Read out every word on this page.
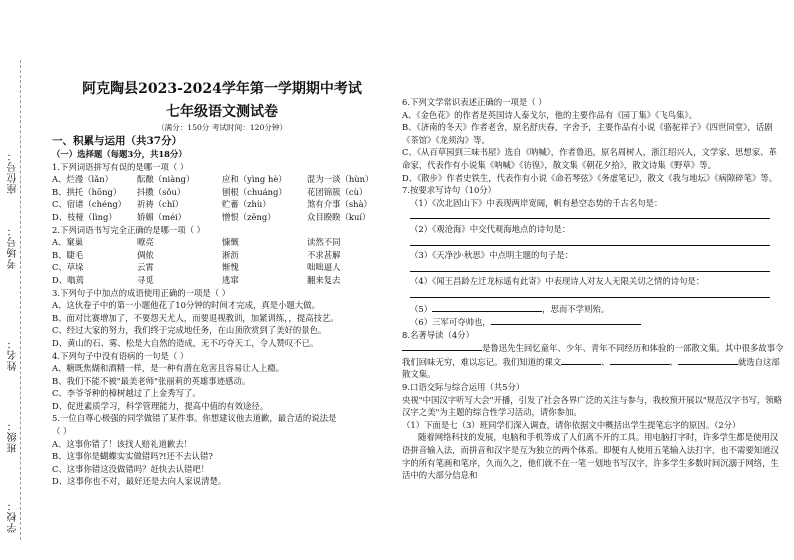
座位号：
考场号：
姓名：
班级：
学校：
阿克陶县2023-2024学年第一学期期中考试
七年级语文测试卷
（满分：150分 考试时间：120分钟）
一、积累与运用（共37分）
（一）选择题（每题3分，共18分）
1.下列词语拼写有误的是哪一项（ ）
A、烂漫（lǎn）	酝酿（niàng）	应和（yìng hè）	混为一谈（hùn）
B、拱托（hōng）	抖擞（sǒu）	刨根（chuáng）	花团锦簇（cù）
C、宿诸（chéng）	祈祷（chǐ）	贮蓄（zhù）	煞有介事（shà）
D、枝桠（lìng）	娇媚（méi）	憎恨（zēng）	众目睽睽（kuí）
2.下列词语书写完全正确的是哪一项（ ）
A、窠巢	暸亮	慷慨	读然不同
B、睫毛	倜侬	淅沥	不求甚解
C、草垛	云霄	惭愧	咄咄逼人
D、嗡蔫	寻觅	逃窜	翻来复去
3.下列句子中加点的成语使用正确的一项是（ ）
A、这伙卷子中的第一小题他花了10分钟的时间才完成，真是小题大做。
B、面对比赛增加了，不要怨天尤人，而要退视教训，加紧训练，，提高技艺。
C、经过大家的努力，我们终于完成地任务，在山顶欣赏到了美好的景色。
D、黄山的石、雾、松是大自然的造成，无不巧夺天工，令人赞叹不已。
4.下列句子中没有语病的一句是（ ）
A、糖既焦煳和酒精一样，是一种有潜在危害且容易让人上瘾。
B、我们不能不被"最美老师"张丽莉的英雄事迹感动。
C、李爷爷种的樟树越过了上金秀写了。
D、促进素质学习，科学管理能力，提高中值的有效途径。
5.一位自尊心极强的同学做错了某件事。你想建议他去道歉，最合适的说法是
（ ）
A、这事你错了！该找人赔礼道歉去！
B、这事你是蝴蝶实实做错吗?!还不去认错?
C、这事你错这没做错吗？赶快去认错吧！
D、这事你也不对，最好还是去向人家说清楚。
6.下列文学常识表述正确的一项是（ ）
A、《金色花》的作者是英国诗人泰戈尔，他的主要作品有《园丁集》《飞鸟集》。
B、《济南的冬天》作者老舍，原名舒庆春，字舍予，主要作品有小说《骆驼祥子》《四世同堂》，话剧《茶馆》《龙须沟》等。
C、《从百草园到三味书屋》选自《呐喊》，作者鲁迅，原名周树人，浙江绍兴人，文学家、思想家、革命家，代表作有小说集《呐喊》《彷徨》，散文集《朝花夕拾》，散文诗集《野草》等。
D、《散步》作者史铁生，代表作有小说《命若琴弦》《务虚笔记》，散文《我与地坛》《病隙碎笔》等。
7.按要求写诗句（10分）
（1）《次北固山下》中表现两岸宽阔，帆有悬空态势的千古名句是：
（2）《观沧海》中交代观海地点的诗句是：
（3）《天净沙·秋思》中点明主题的句子是：
（4）《闻王昌龄左迁龙标遥有此寄》中表现诗人对友人无限关切之情的诗句是：
（5）	，思而不学则殆。
（6）三军可夺帅也，
8.名著导读（4分）
是鲁迅先生回忆童年、少年、青年不同经历和体验的一部散文集。其中很多故事令我们回味无穷，难以忘记。我们知道的课文	、	、	就选自这部散文集。
9.口语交际与综合运用（共5分）
央视"中国汉字听写大会"开播，引发了社会各界广泛的关注与参与，我校预开展以"规范汉字书写，领略汉字之美"为主题的综合性学习活动，请你参加。
（1）下面是七（3）班同学们深入调查，请你依据文中概括出学生提笔忘字的原因。（2分）
随着网络科技的发展，电脑和手机等成了人们离不开的工具。用电脑打字时，许多学生都是使用汉语拼音输入法，而拼音和汉字是互为独立的两个体系。即便有人使用五笔输入法打字，也不需要知道汉字的所有笔画和笔序，久而久之，他们就不在一笔一划地书写汉字，许多学生多数时间沉溺于网络，生活中的大部分信息和
